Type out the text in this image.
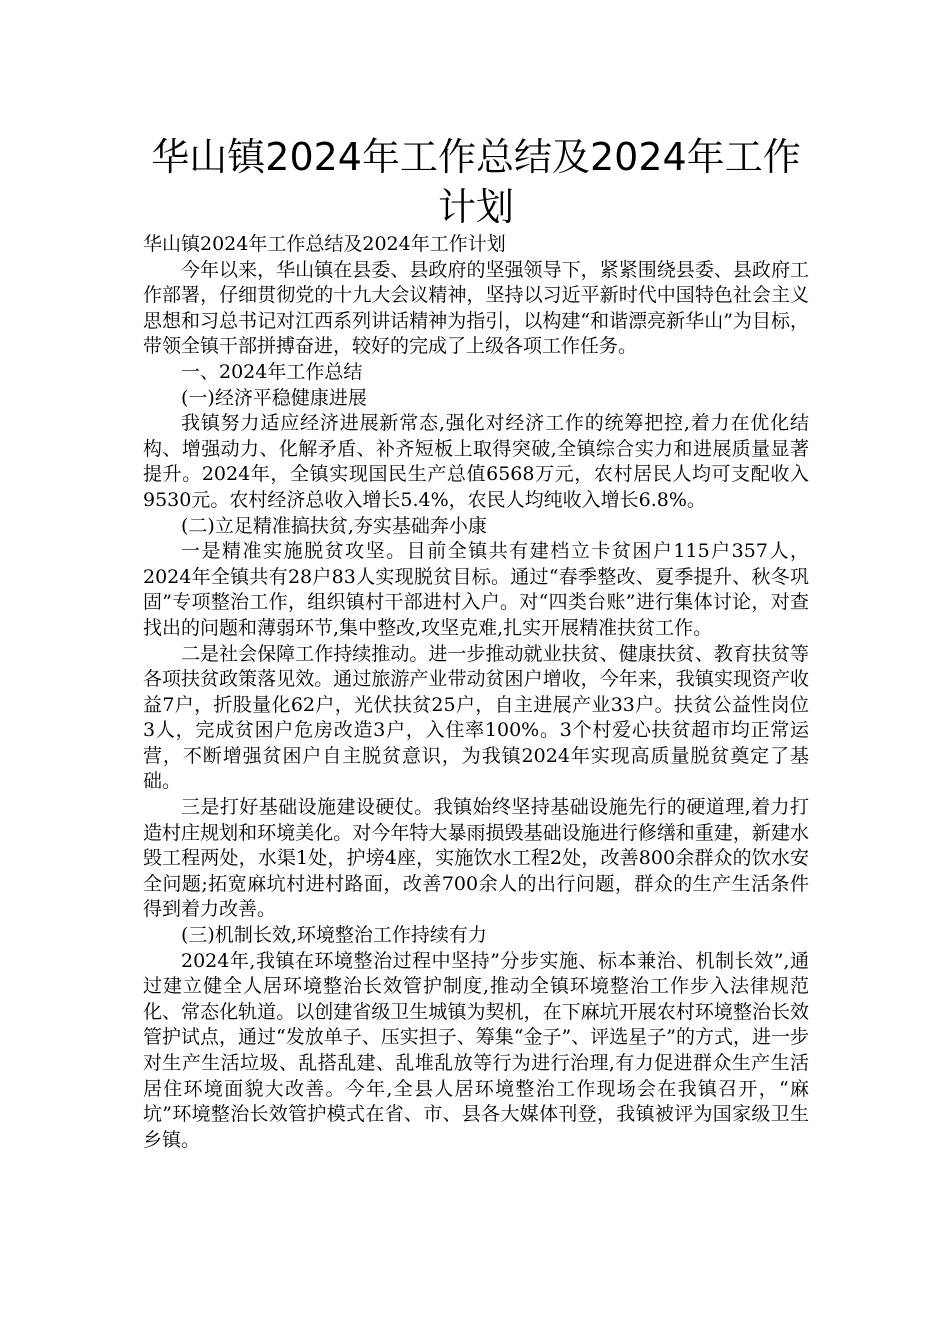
华山镇2024年工作总结及2024年工作
计划

华山镇2024年工作总结及2024年工作计划

今年以来，华山镇在县委、县政府的坚强领导下，紧紧围绕县委、县政府工作部署，仔细贯彻党的十九大会议精神，坚持以习近平新时代中国特色社会主义思想和习总书记对江西系列讲话精神为指引，以构建“和谐漂亮新华山”为目标，带领全镇干部拼搏奋进，较好的完成了上级各项工作任务。

一、2024年工作总结

(一)经济平稳健康进展

我镇努力适应经济进展新常态,强化对经济工作的统筹把控,着力在优化结构、增强动力、化解矛盾、补齐短板上取得突破,全镇综合实力和进展质量显著提升。2024年，全镇实现国民生产总值6568万元，农村居民人均可支配收入9530元。农村经济总收入增长5.4%，农民人均纯收入增长6.8%。

(二)立足精准搞扶贫,夯实基础奔小康

一是精准实施脱贫攻坚。目前全镇共有建档立卡贫困户115户357人，2024年全镇共有28户83人实现脱贫目标。通过“春季整改、夏季提升、秋冬巩固”专项整治工作，组织镇村干部进村入户。对“四类台账”进行集体讨论，对查找出的问题和薄弱环节,集中整改,攻坚克难,扎实开展精准扶贫工作。

二是社会保障工作持续推动。进一步推动就业扶贫、健康扶贫、教育扶贫等各项扶贫政策落见效。通过旅游产业带动贫困户增收，今年来，我镇实现资产收益7户，折股量化62户，光伏扶贫25户，自主进展产业33户。扶贫公益性岗位3人，完成贫困户危房改造3户，入住率100%。3个村爱心扶贫超市均正常运营，不断增强贫困户自主脱贫意识，为我镇2024年实现高质量脱贫奠定了基础。

三是打好基础设施建设硬仗。我镇始终坚持基础设施先行的硬道理,着力打造村庄规划和环境美化。对今年特大暴雨损毁基础设施进行修缮和重建，新建水毁工程两处，水渠1处，护塝4座，实施饮水工程2处，改善800余群众的饮水安全问题;拓宽麻坑村进村路面，改善700余人的出行问题，群众的生产生活条件得到着力改善。

(三)机制长效,环境整治工作持续有力

2024年,我镇在环境整治过程中坚持”分步实施、标本兼治、机制长效”,通过建立健全人居环境整治长效管护制度,推动全镇环境整治工作步入法律规范化、常态化轨道。以创建省级卫生城镇为契机，在下麻坑开展农村环境整治长效管护试点，通过“发放单子、压实担子、筹集“金子”、评选星子”的方式，进一步对生产生活垃圾、乱搭乱建、乱堆乱放等行为进行治理,有力促进群众生产生活居住环境面貌大改善。今年,全县人居环境整治工作现场会在我镇召开，“麻坑”环境整治长效管护模式在省、市、县各大媒体刊登，我镇被评为国家级卫生乡镇。
